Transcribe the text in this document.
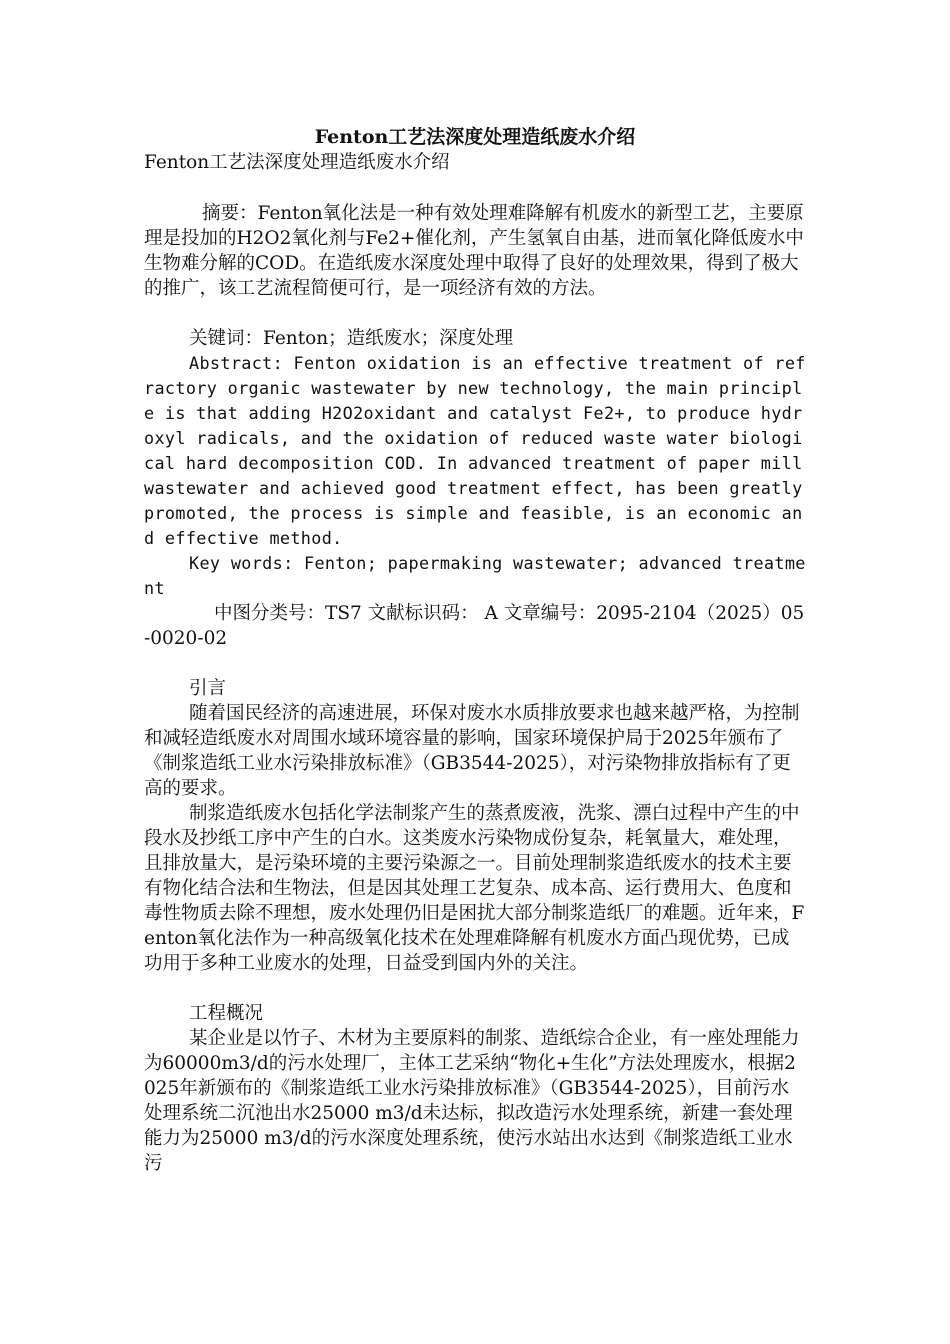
Fenton工艺法深度处理造纸废水介绍

Fenton工艺法深度处理造纸废水介绍

摘要：Fenton氧化法是一种有效处理难降解有机废水的新型工艺，主要原理是投加的H2O2氧化剂与Fe2+催化剂，产生氢氧自由基，进而氧化降低废水中生物难分解的COD。在造纸废水深度处理中取得了良好的处理效果，得到了极大的推广，该工艺流程简便可行，是一项经济有效的方法。

关键词：Fenton；造纸废水；深度处理

Abstract: Fenton oxidation is an effective treatment of refractory organic wastewater by new technology, the main principle is that adding H2O2oxidant and catalyst Fe2+, to produce hydroxyl radicals, and the oxidation of reduced waste water biological hard decomposition COD. In advanced treatment of paper mill wastewater and achieved good treatment effect, has been greatly promoted, the process is simple and feasible, is an economic and effective method.

Key words: Fenton; papermaking wastewater; advanced treatment

中图分类号：TS7 文献标识码： A 文章编号：2095-2104（2025）05-0020-02

引言

随着国民经济的高速进展，环保对废水水质排放要求也越来越严格，为控制和减轻造纸废水对周围水域环境容量的影响，国家环境保护局于2025年颁布了《制浆造纸工业水污染排放标准》（GB3544-2025），对污染物排放指标有了更高的要求。

制浆造纸废水包括化学法制浆产生的蒸煮废液，洗浆、漂白过程中产生的中段水及抄纸工序中产生的白水。这类废水污染物成份复杂，耗氧量大，难处理，且排放量大，是污染环境的主要污染源之一。目前处理制浆造纸废水的技术主要有物化结合法和生物法，但是因其处理工艺复杂、成本高、运行费用大、色度和毒性物质去除不理想，废水处理仍旧是困扰大部分制浆造纸厂的难题。近年来，Fenton氧化法作为一种高级氧化技术在处理难降解有机废水方面凸现优势，已成功用于多种工业废水的处理，日益受到国内外的关注。

工程概况

某企业是以竹子、木材为主要原料的制浆、造纸综合企业，有一座处理能力为60000m3/d的污水处理厂，主体工艺采纳“物化+生化”方法处理废水，根据2025年新颁布的《制浆造纸工业水污染排放标准》（GB3544-2025），目前污水处理系统二沉池出水25000 m3/d未达标，拟改造污水处理系统，新建一套处理能力为25000 m3/d的污水深度处理系统，使污水站出水达到《制浆造纸工业水污
